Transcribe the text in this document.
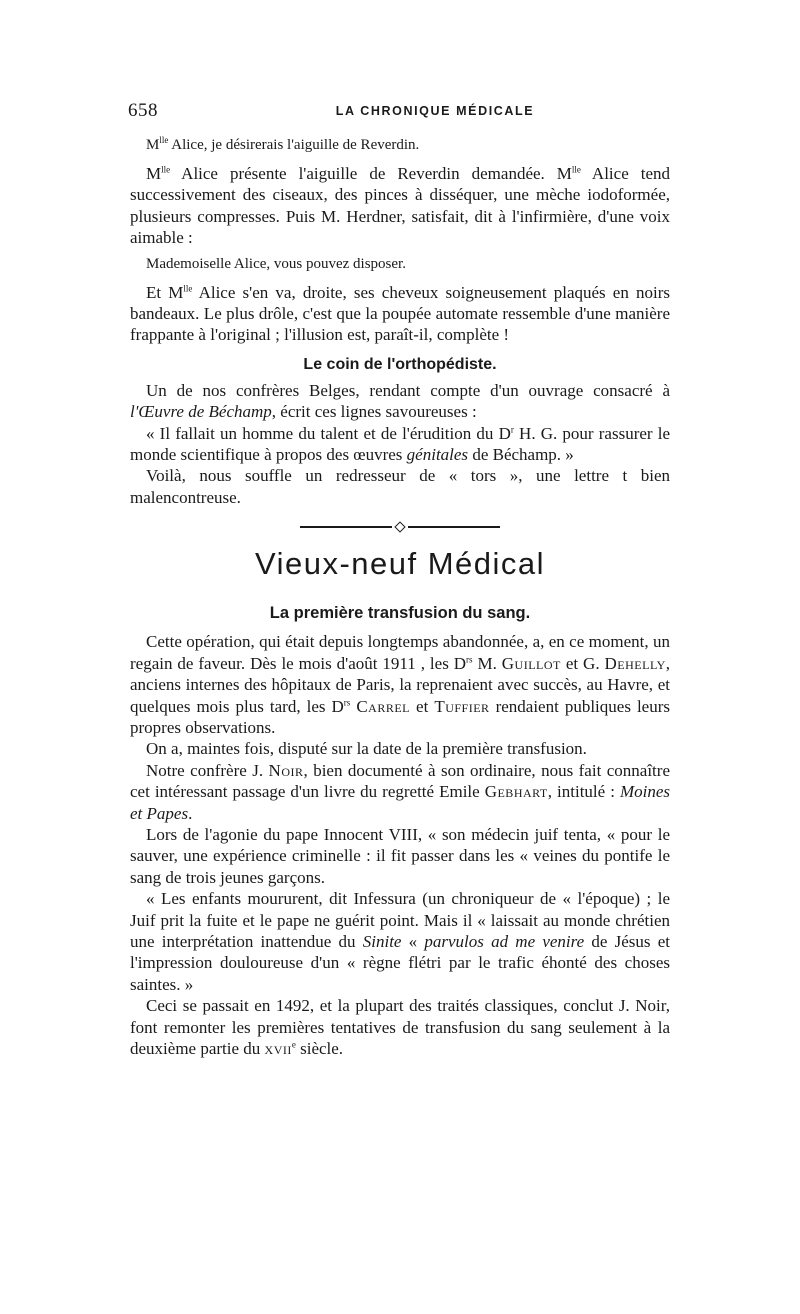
658	LA CHRONIQUE MÉDICALE

$M^{lle}$ Alice, je désirerais l'aiguille de Reverdin.

$M^{lle}$ Alice présente l'aiguille de Reverdin demandée. $M^{lle}$ Alice tend successivement des ciseaux, des pinces à disséquer, une mèche iodoformée, plusieurs compresses. Puis M. Herdner, satisfait, dit à l'infirmière, d'une voix aimable :

Mademoiselle Alice, vous pouvez disposer.

Et $M^{lle}$ Alice s'en va, droite, ses cheveux soigneusement plaqués en noirs bandeaux. Le plus drôle, c'est que la poupée automate ressemble d'une manière frappante à l'original ; l'illusion est, paraît-il, complète !

Le coin de l'orthopédiste.

Un de nos confrères Belges, rendant compte d'un ouvrage consacré à l'Œuvre de Béchamp, écrit ces lignes savoureuses :

« Il fallait un homme du talent et de l'érudition du $D^r$ H. G. pour rassurer le monde scientifique à propos des œuvres génitales de Béchamp. »

Voilà, nous souffle un redresseur de « tors », une lettre t bien malencontreuse.

Vieux-neuf Médical
La première transfusion du sang.

Cette opération, qui était depuis longtemps abandonnée, a, en ce moment, un regain de faveur. Dès le mois d'août 1911 , les $D^{rs}$ M. Guillot et G. Dehelly, anciens internes des hôpitaux de Paris, la reprenaient avec succès, au Havre, et quelques mois plus tard, les $D^{rs}$ Carrel et Tuffier rendaient publiques leurs propres observations.

On a, maintes fois, disputé sur la date de la première transfusion.

Notre confrère J. Noir, bien documenté à son ordinaire, nous fait connaître cet intéressant passage d'un livre du regretté Emile Gebhart, intitulé : Moines et Papes.

Lors de l'agonie du pape Innocent VIII, « son médecin juif tenta, « pour le sauver, une expérience criminelle : il fit passer dans les « veines du pontife le sang de trois jeunes garçons.

« Les enfants moururent, dit Infessura (un chroniqueur de « l'époque) ; le Juif prit la fuite et le pape ne guérit point. Mais il « laissait au monde chrétien une interprétation inattendue du Sinite « parvulos ad me venire de Jésus et l'impression douloureuse d'un « règne flétri par le trafic éhonté des choses saintes. »

Ceci se passait en 1492, et la plupart des traités classiques, conclut J. Noir, font remonter les premières tentatives de transfusion du sang seulement à la deuxième partie du xvii$^e$ siècle.
